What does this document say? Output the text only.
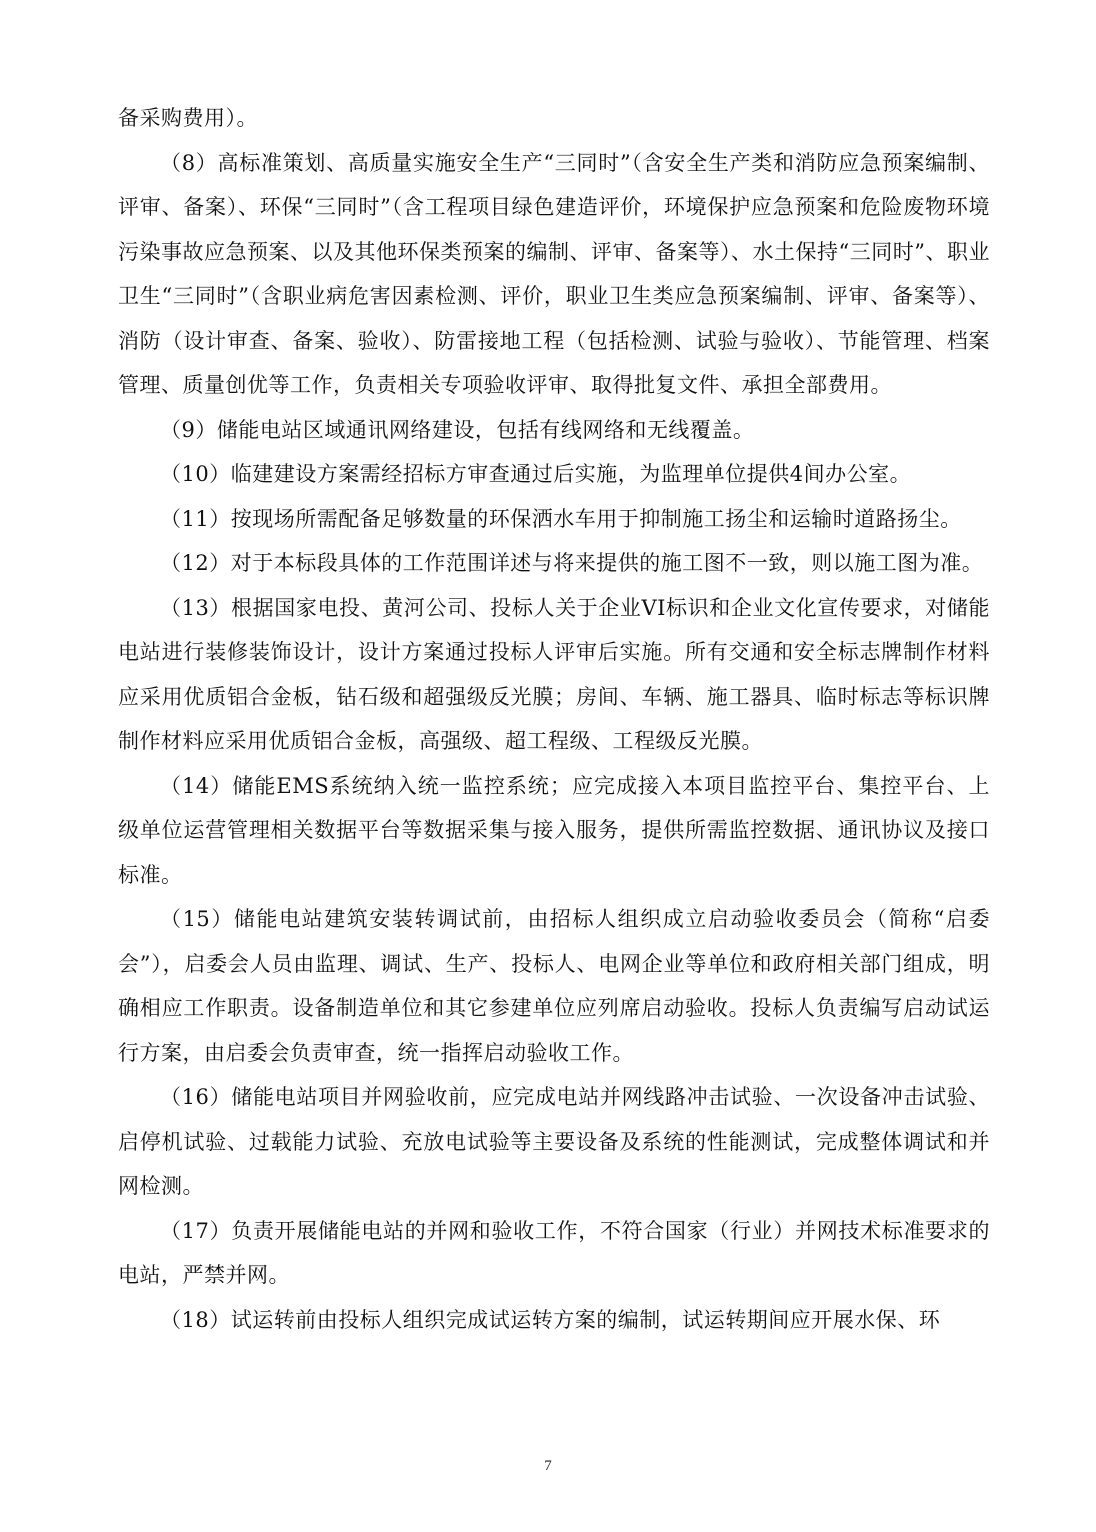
备采购费用）。

（8）高标准策划、高质量实施安全生产“三同时”（含安全生产类和消防应急预案编制、评审、备案）、环保“三同时”（含工程项目绿色建造评价，环境保护应急预案和危险废物环境污染事故应急预案、以及其他环保类预案的编制、评审、备案等）、水土保持“三同时”、职业卫生“三同时”（含职业病危害因素检测、评价，职业卫生类应急预案编制、评审、备案等）、消防（设计审查、备案、验收）、防雷接地工程（包括检测、试验与验收）、节能管理、档案管理、质量创优等工作，负责相关专项验收评审、取得批复文件、承担全部费用。

（9）储能电站区域通讯网络建设，包括有线网络和无线覆盖。

（10）临建建设方案需经招标方审查通过后实施，为监理单位提供4间办公室。

（11）按现场所需配备足够数量的环保洒水车用于抑制施工扬尘和运输时道路扬尘。

（12）对于本标段具体的工作范围详述与将来提供的施工图不一致，则以施工图为准。

（13）根据国家电投、黄河公司、投标人关于企业VI标识和企业文化宣传要求，对储能电站进行装修装饰设计，设计方案通过投标人评审后实施。所有交通和安全标志牌制作材料应采用优质铝合金板，钻石级和超强级反光膜；房间、车辆、施工器具、临时标志等标识牌制作材料应采用优质铝合金板，高强级、超工程级、工程级反光膜。

（14）储能EMS系统纳入统一监控系统；应完成接入本项目监控平台、集控平台、上级单位运营管理相关数据平台等数据采集与接入服务，提供所需监控数据、通讯协议及接口标准。

（15）储能电站建筑安装转调试前，由招标人组织成立启动验收委员会（简称“启委会”），启委会人员由监理、调试、生产、投标人、电网企业等单位和政府相关部门组成，明确相应工作职责。设备制造单位和其它参建单位应列席启动验收。投标人负责编写启动试运行方案，由启委会负责审查，统一指挥启动验收工作。

（16）储能电站项目并网验收前，应完成电站并网线路冲击试验、一次设备冲击试验、启停机试验、过载能力试验、充放电试验等主要设备及系统的性能测试，完成整体调试和并网检测。

（17）负责开展储能电站的并网和验收工作，不符合国家（行业）并网技术标准要求的电站，严禁并网。

（18）试运转前由投标人组织完成试运转方案的编制，试运转期间应开展水保、环

7
